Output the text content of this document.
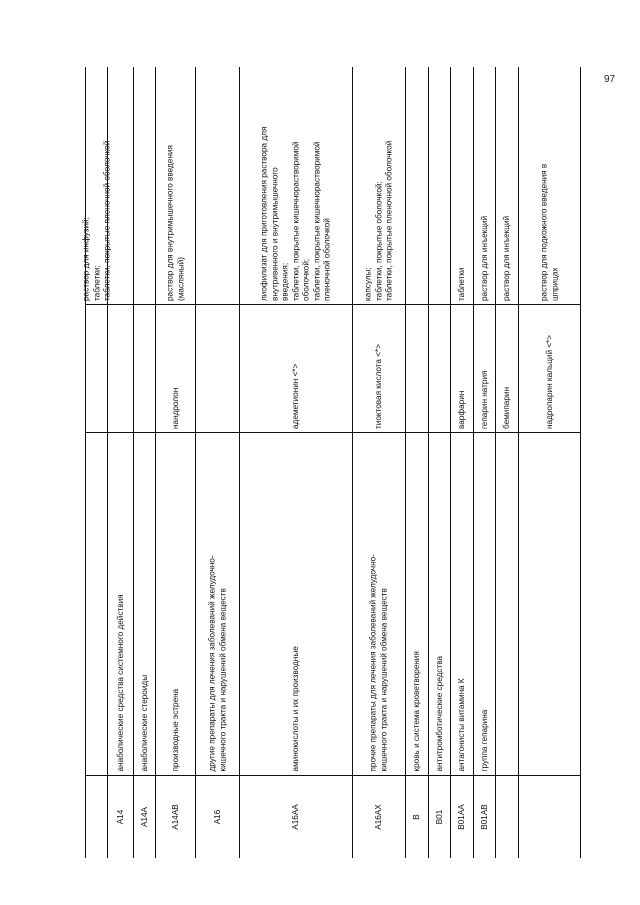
97
раствор для инфузий;
таблетки;
таблетки, покрытые пленочной оболочкой
анаболические средства системного действия
A14
анаболические стероиды
A14A
раствор для внутримышечного введения
(масляный)
нандролон
производные эстрена
A14AB
другие препараты для лечения заболеваний желудочно-
кишечного тракта и нарушений обмена веществ
A16
лиофилизат для приготовления раствора для
внутривенного и внутримышечного
введения;
таблетки, покрытые кишечнорастворимой
оболочкой;
таблетки, покрытые кишечнорастворимой
пленочной оболочкой
адеметионин <*>
аминокислоты и их производные
A16AA
капсулы;
таблетки, покрытые оболочкой;
таблетки, покрытые пленочной оболочкой
тиоктовая кислота <*>
прочие препараты для лечения заболеваний желудочно-
кишечного тракта и нарушений обмена веществ
A16AX
кровь и система кроветворения
B
антитромботические средства
B01
таблетки
варфарин
антагонисты витамина К
B01AA
раствор для инъекций
гепарин натрия
группа гепарина
B01AB
раствор для инъекций
бемипарин
раствор для подкожного введения в
шприцах
надропарин кальций <*>
